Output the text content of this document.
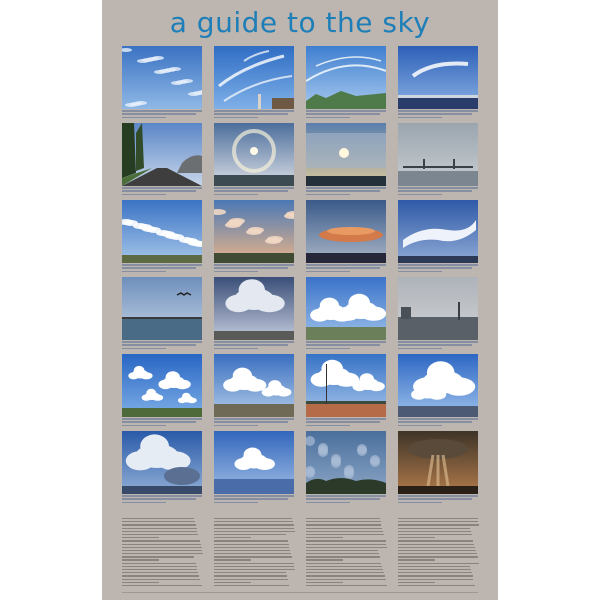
a guide to the sky
